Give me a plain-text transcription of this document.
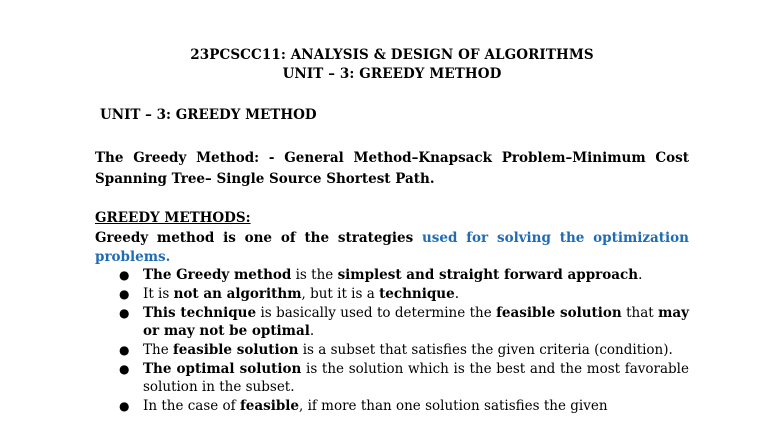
23PCSCC11: ANALYSIS & DESIGN OF ALGORITHMS
UNIT – 3: GREEDY METHOD
UNIT – 3: GREEDY METHOD
The Greedy Method: - General Method–Knapsack Problem–Minimum Cost Spanning Tree– Single Source Shortest Path.
GREEDY METHODS:
Greedy method is one of the strategies used for solving the optimization problems.
● The Greedy method is the simplest and straight forward approach.
● It is not an algorithm, but it is a technique.
● This technique is basically used to determine the feasible solution that may or may not be optimal.
● The feasible solution is a subset that satisfies the given criteria (condition).
● The optimal solution is the solution which is the best and the most favorable solution in the subset.
● In the case of feasible, if more than one solution satisfies the given
